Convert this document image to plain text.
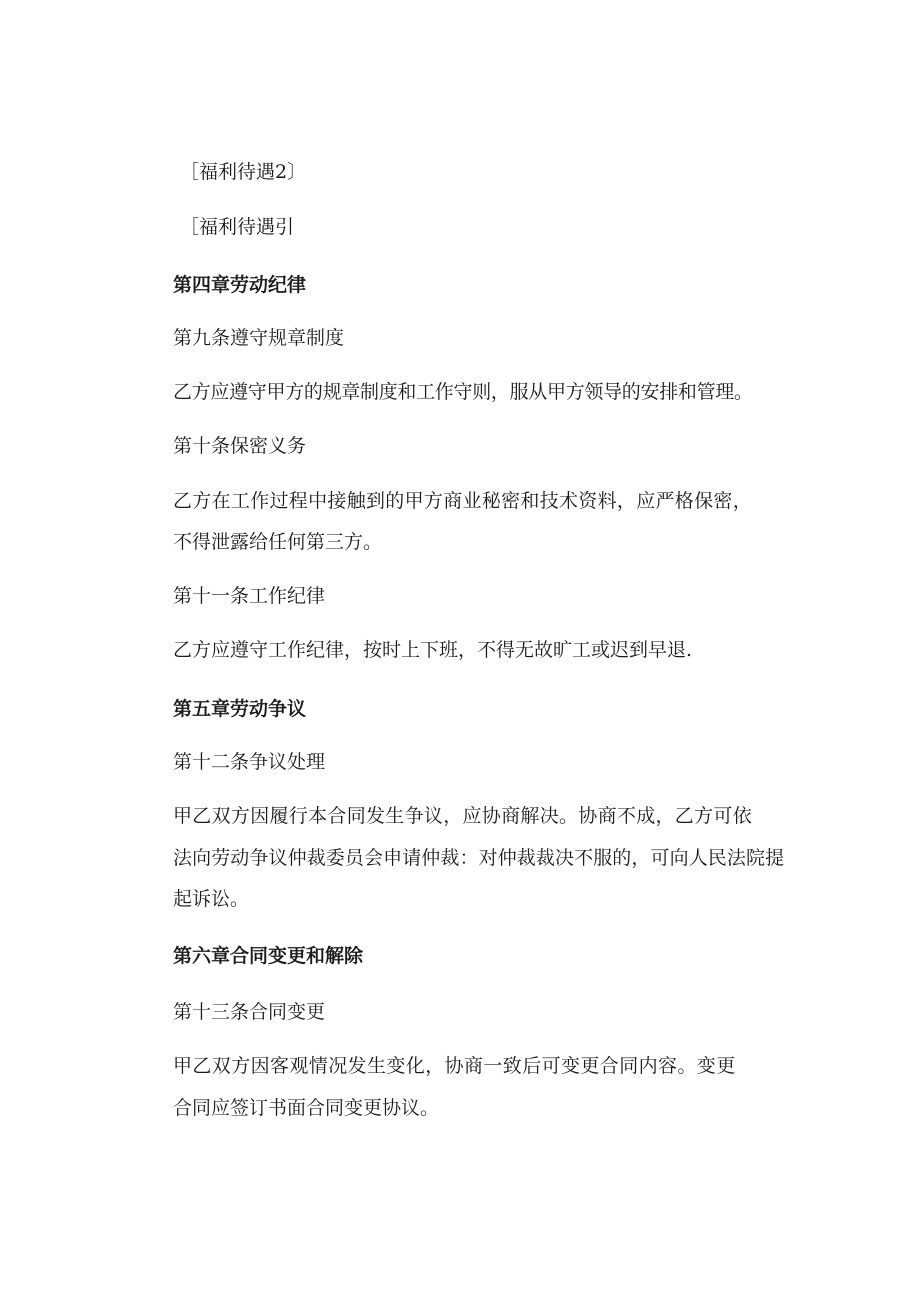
［福利待遇2〕
［福利待遇引
第四章劳动纪律
第九条遵守规章制度
乙方应遵守甲方的规章制度和工作守则，服从甲方领导的安排和管理。
第十条保密义务
乙方在工作过程中接触到的甲方商业秘密和技术资料，应严格保密，
不得泄露给任何第三方。
第十一条工作纪律
乙方应遵守工作纪律，按时上下班，不得无故旷工或迟到早退.
第五章劳动争议
第十二条争议处理
甲乙双方因履行本合同发生争议，应协商解决。协商不成，乙方可依
法向劳动争议仲裁委员会申请仲裁：对仲裁裁决不服的，可向人民法院提
起诉讼。
第六章合同变更和解除
第十三条合同变更
甲乙双方因客观情况发生变化，协商一致后可变更合同内容。变更
合同应签订书面合同变更协议。
